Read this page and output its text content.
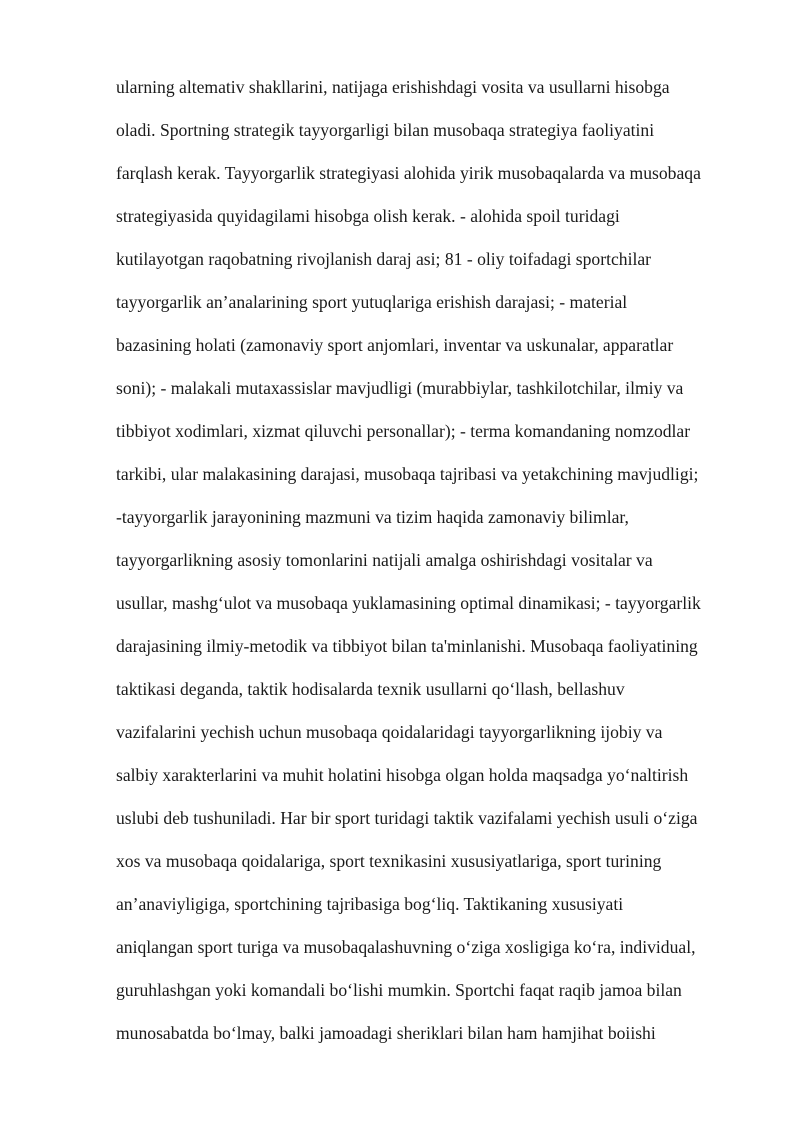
ularning altemativ shakllarini, natijaga erishishdagi vosita va usullarni hisobga
oladi. Sportning strategik tayyorgarligi bilan musobaqa strategiya faoliyatini
farqlash kerak. Tayyorgarlik strategiyasi alohida yirik musobaqalarda va musobaqa
strategiyasida quyidagilami hisobga olish kerak. - alohida spoil turidagi
kutilayotgan raqobatning rivojlanish daraj asi; 81 - oliy toifadagi sportchilar
tayyorgarlik an’analarining sport yutuqlariga erishish darajasi; - material
bazasining holati (zamonaviy sport anjomlari, inventar va uskunalar, apparatlar
soni); - malakali mutaxassislar mavjudligi (murabbiylar, tashkilotchilar, ilmiy va
tibbiyot xodimlari, xizmat qiluvchi personallar); - terma komandaning nomzodlar
tarkibi, ular malakasining darajasi, musobaqa tajribasi va yetakchining mavjudligi;
-tayyorgarlik jarayonining mazmuni va tizim haqida zamonaviy bilimlar,
tayyorgarlikning asosiy tomonlarini natijali amalga oshirishdagi vositalar va
usullar, mashg‘ulot va musobaqa yuklamasining optimal dinamikasi; - tayyorgarlik
darajasining ilmiy-metodik va tibbiyot bilan ta'minlanishi. Musobaqa faoliyatining
taktikasi deganda, taktik hodisalarda texnik usullarni qo‘llash, bellashuv
vazifalarini yechish uchun musobaqa qoidalaridagi tayyorgarlikning ijobiy va
salbiy xarakterlarini va muhit holatini hisobga olgan holda maqsadga yo‘naltirish
uslubi deb tushuniladi. Har bir sport turidagi taktik vazifalami yechish usuli o‘ziga
xos va musobaqa qoidalariga, sport texnikasini xususiyatlariga, sport turining
an’anaviyligiga, sportchining tajribasiga bog‘liq. Taktikaning xususiyati
aniqlangan sport turiga va musobaqalashuvning o‘ziga xosligiga ko‘ra, individual,
guruhlashgan yoki komandali bo‘lishi mumkin. Sportchi faqat raqib jamoa bilan
munosabatda bo‘lmay, balki jamoadagi sheriklari bilan ham hamjihat boiishi
